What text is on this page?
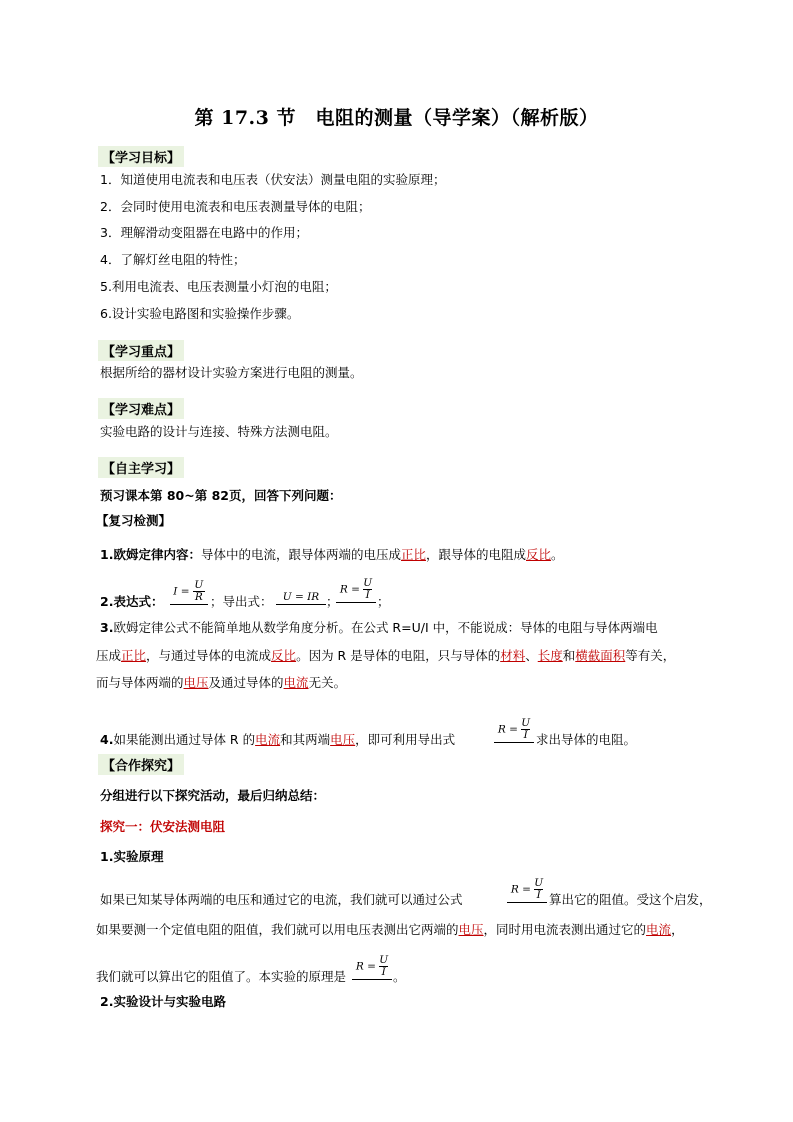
第 17.3 节　电阻的测量（导学案）（解析版）
【学习目标】
1．知道使用电流表和电压表（伏安法）测量电阻的实验原理；
2．会同时使用电流表和电压表测量导体的电阻；
3．理解滑动变阻器在电路中的作用；
4．了解灯丝电阻的特性；
5.利用电流表、电压表测量小灯泡的电阻；
6.设计实验电路图和实验操作步骤。
【学习重点】
根据所给的器材设计实验方案进行电阻的测量。
【学习难点】
实验电路的设计与连接、特殊方法测电阻。
【自主学习】
预习课本第 80~第 82页，回答下列问题：
【复习检测】
1.欧姆定律内容：导体中的电流，跟导体两端的电压成正比，跟导体的电阻成反比。
2.表达式：
$I = \frac{U}{R}$ ；导出式： U = IR ；
$R = \frac{U}{I}$
；
3.欧姆定律公式不能简单地从数学角度分析。在公式 R=U/I 中，不能说成：导体的电阻与导体两端电
压成正比，与通过导体的电流成反比。因为 R 是导体的电阻，只与导体的材料、长度和横截面积等有关，
而与导体两端的电压及通过导体的电流无关。
4.如果能测出通过导体 R 的电流和其两端电压，即可利用导出式
$R = \frac{U}{I}$ 求出导体的电阻。
【合作探究】
分组进行以下探究活动，最后归纳总结：
探究一：伏安法测电阻
1.实验原理
如果已知某导体两端的电压和通过它的电流，我们就可以通过公式
$R = \frac{U}{I}$ 算出它的阻值。受这个启发，
如果要测一个定值电阻的阻值，我们就可以用电压表测出它两端的电压，同时用电流表测出通过它的电流，
我们就可以算出它的阻值了。本实验的原理是
$R = \frac{U}{I}$ 。
2.实验设计与实验电路
